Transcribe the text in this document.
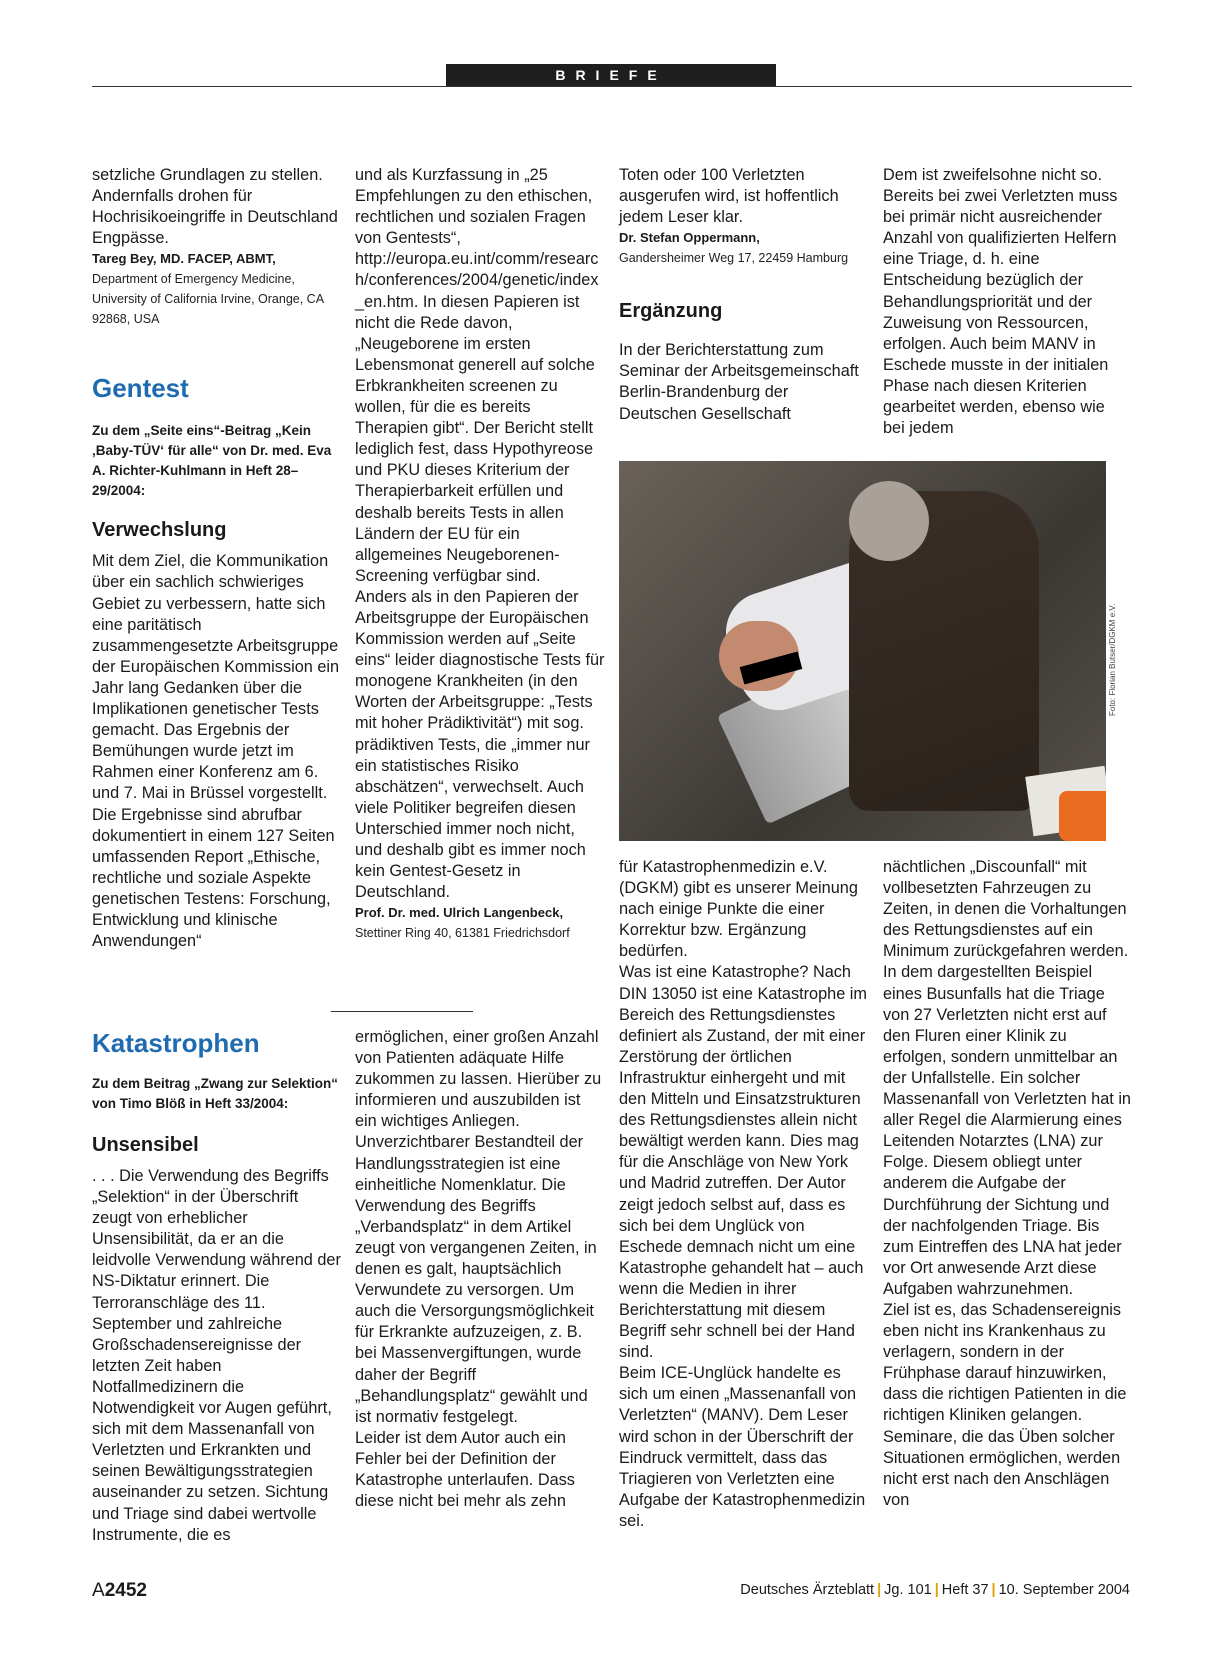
BRIEFE

setzliche Grundlagen zu stellen. Andernfalls drohen für Hochrisikoeingriffe in Deutschland Engpässe.

Tareg Bey, MD. FACEP, ABMT,

Department of Emergency Medicine, University of California Irvine, Orange, CA 92868, USA

Gentest

Zu dem „Seite eins“-Beitrag „Kein ‚Baby-TÜV‘ für alle“ von Dr. med. Eva A. Richter-Kuhlmann in Heft 28–29/2004:

Verwechslung

Mit dem Ziel, die Kommunikation über ein sachlich schwieriges Gebiet zu verbessern, hatte sich eine paritätisch zusammengesetzte Arbeitsgruppe der Europäischen Kommission ein Jahr lang Gedanken über die Implikationen genetischer Tests gemacht. Das Ergebnis der Bemühungen wurde jetzt im Rahmen einer Konferenz am 6. und 7. Mai in Brüssel vorgestellt. Die Ergebnisse sind abrufbar dokumentiert in einem 127 Seiten umfassenden Report „Ethische, rechtliche und soziale Aspekte genetischen Testens: Forschung, Entwicklung und klinische Anwendungen“

und als Kurzfassung in „25 Empfehlungen zu den ethischen, rechtlichen und sozialen Fragen von Gentests“, http://europa.eu.int/comm/research/conferences/2004/genetic/index_en.htm. In diesen Papieren ist nicht die Rede davon, „Neugeborene im ersten Lebensmonat generell auf solche Erbkrankheiten screenen zu wollen, für die es bereits Therapien gibt“. Der Bericht stellt lediglich fest, dass Hypothyreose und PKU dieses Kriterium der Therapierbarkeit erfüllen und deshalb bereits Tests in allen Ländern der EU für ein allgemeines Neugeborenen-Screening verfügbar sind.

Anders als in den Papieren der Arbeitsgruppe der Europäischen Kommission werden auf „Seite eins“ leider diagnostische Tests für monogene Krankheiten (in den Worten der Arbeitsgruppe: „Tests mit hoher Prädiktivität“) mit sog. prädiktiven Tests, die „immer nur ein statistisches Risiko abschätzen“, verwechselt. Auch viele Politiker begreifen diesen Unterschied immer noch nicht, und deshalb gibt es immer noch kein Gentest-Gesetz in Deutschland.

Prof. Dr. med. Ulrich Langenbeck,

Stettiner Ring 40, 61381 Friedrichsdorf

Toten oder 100 Verletzten ausgerufen wird, ist hoffentlich jedem Leser klar.

Dr. Stefan Oppermann,

Gandersheimer Weg 17, 22459 Hamburg

Ergänzung

In der Berichterstattung zum Seminar der Arbeitsgemeinschaft Berlin-Brandenburg der Deutschen Gesellschaft

Dem ist zweifelsohne nicht so. Bereits bei zwei Verletzten muss bei primär nicht ausreichender Anzahl von qualifizierten Helfern eine Triage, d. h. eine Entscheidung bezüglich der Behandlungspriorität und der Zuweisung von Ressourcen, erfolgen. Auch beim MANV in Eschede musste in der initialen Phase nach diesen Kriterien gearbeitet werden, ebenso wie bei jedem

Foto: Florian Butser/DGKM e.V.

Katastrophen

Zu dem Beitrag „Zwang zur Selektion“ von Timo Blöß in Heft 33/2004:

Unsensibel

. . . Die Verwendung des Begriffs „Selektion“ in der Überschrift zeugt von erheblicher Unsensibilität, da er an die leidvolle Verwendung während der NS-Diktatur erinnert. Die Terroranschläge des 11. September und zahlreiche Großschadensereignisse der letzten Zeit haben Notfallmedizinern die Notwendigkeit vor Augen geführt, sich mit dem Massenanfall von Verletzten und Erkrankten und seinen Bewältigungsstrategien auseinander zu setzen. Sichtung und Triage sind dabei wertvolle Instrumente, die es

ermöglichen, einer großen Anzahl von Patienten adäquate Hilfe zukommen zu lassen. Hierüber zu informieren und auszubilden ist ein wichtiges Anliegen.

Unverzichtbarer Bestandteil der Handlungsstrategien ist eine einheitliche Nomenklatur. Die Verwendung des Begriffs „Verbandsplatz“ in dem Artikel zeugt von vergangenen Zeiten, in denen es galt, hauptsächlich Verwundete zu versorgen. Um auch die Versorgungsmöglichkeit für Erkrankte aufzuzeigen, z. B. bei Massenvergiftungen, wurde daher der Begriff „Behandlungsplatz“ gewählt und ist normativ festgelegt.

Leider ist dem Autor auch ein Fehler bei der Definition der Katastrophe unterlaufen. Dass diese nicht bei mehr als zehn

für Katastrophenmedizin e.V. (DGKM) gibt es unserer Meinung nach einige Punkte die einer Korrektur bzw. Ergänzung bedürfen.

Was ist eine Katastrophe? Nach DIN 13050 ist eine Katastrophe im Bereich des Rettungsdienstes definiert als Zustand, der mit einer Zerstörung der örtlichen Infrastruktur einhergeht und mit den Mitteln und Einsatzstrukturen des Rettungsdienstes allein nicht bewältigt werden kann. Dies mag für die Anschläge von New York und Madrid zutreffen. Der Autor zeigt jedoch selbst auf, dass es sich bei dem Unglück von Eschede demnach nicht um eine Katastrophe gehandelt hat – auch wenn die Medien in ihrer Berichterstattung mit diesem Begriff sehr schnell bei der Hand sind.

Beim ICE-Unglück handelte es sich um einen „Massenanfall von Verletzten“ (MANV). Dem Leser wird schon in der Überschrift der Eindruck vermittelt, dass das Triagieren von Verletzten eine Aufgabe der Katastrophenmedizin sei.

nächtlichen „Discounfall“ mit vollbesetzten Fahrzeugen zu Zeiten, in denen die Vorhaltungen des Rettungsdienstes auf ein Minimum zurückgefahren werden.

In dem dargestellten Beispiel eines Busunfalls hat die Triage von 27 Verletzten nicht erst auf den Fluren einer Klinik zu erfolgen, sondern unmittelbar an der Unfallstelle. Ein solcher Massenanfall von Verletzten hat in aller Regel die Alarmierung eines Leitenden Notarztes (LNA) zur Folge. Diesem obliegt unter anderem die Aufgabe der Durchführung der Sichtung und der nachfolgenden Triage. Bis zum Eintreffen des LNA hat jeder vor Ort anwesende Arzt diese Aufgaben wahrzunehmen.

Ziel ist es, das Schadensereignis eben nicht ins Krankenhaus zu verlagern, sondern in der Frühphase darauf hinzuwirken, dass die richtigen Patienten in die richtigen Kliniken gelangen. Seminare, die das Üben solcher Situationen ermöglichen, werden nicht erst nach den Anschlägen von

A2452	Deutsches Ärzteblatt | Jg. 101 | Heft 37 | 10. September 2004
